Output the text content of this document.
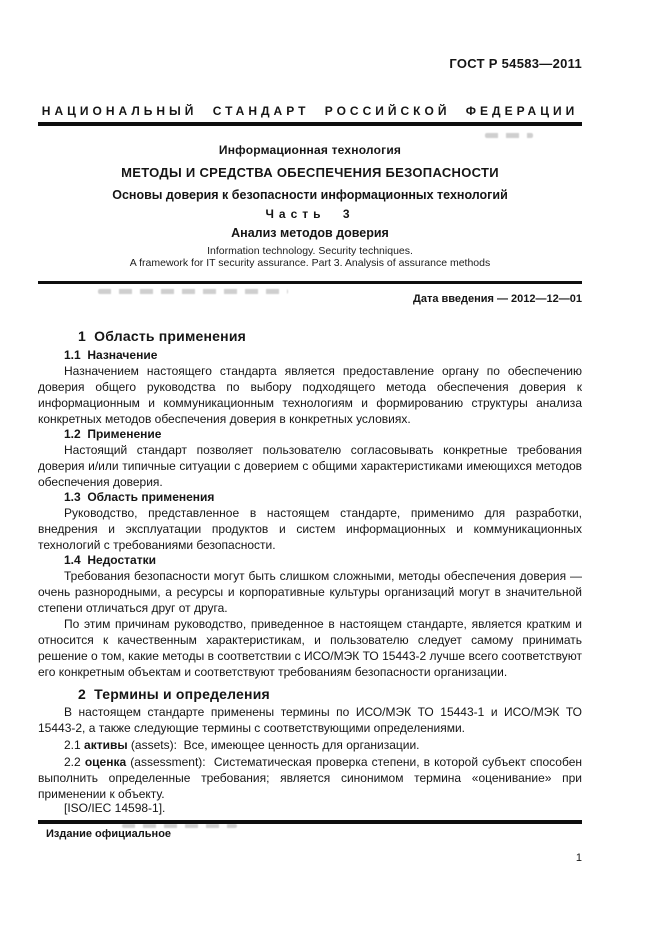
ГОСТ Р 54583—2011
НАЦИОНАЛЬНЫЙ СТАНДАРТ РОССИЙСКОЙ ФЕДЕРАЦИИ
Информационная технология
МЕТОДЫ И СРЕДСТВА ОБЕСПЕЧЕНИЯ БЕЗОПАСНОСТИ
Основы доверия к безопасности информационных технологий
Часть 3
Анализ методов доверия
Information technology. Security techniques.
A framework for IT security assurance. Part 3. Analysis of assurance methods
Дата введения — 2012—12—01
1  Область применения
1.1  Назначение

Назначением настоящего стандарта является предоставление органу по обеспечению доверия общего руководства по выбору подходящего метода обеспечения доверия к информационным и коммуникационным технологиям и формированию структуры анализа конкретных методов обеспечения доверия в конкретных условиях.

1.2  Применение

Настоящий стандарт позволяет пользователю согласовывать конкретные требования доверия и/или типичные ситуации с доверием с общими характеристиками имеющихся методов обеспечения доверия.

1.3  Область применения

Руководство, представленное в настоящем стандарте, применимо для разработки, внедрения и эксплуатации продуктов и систем информационных и коммуникационных технологий с требованиями безопасности.

1.4  Недостатки

Требования безопасности могут быть слишком сложными, методы обеспечения доверия — очень разнородными, а ресурсы и корпоративные культуры организаций могут в значительной степени отличаться друг от друга.

По этим причинам руководство, приведенное в настоящем стандарте, является кратким и относится к качественным характеристикам, и пользователю следует самому принимать решение о том, какие методы в соответствии с ИСО/МЭК ТО 15443-2 лучше всего соответствуют его конкретным объектам и соответствуют требованиям безопасности организации.

2  Термины и определения

В настоящем стандарте применены термины по ИСО/МЭК ТО 15443-1 и ИСО/МЭК ТО 15443-2, а также следующие термины с соответствующими определениями.

2.1 активы (assets):  Все, имеющее ценность для организации.

2.2 оценка (assessment):  Систематическая проверка степени, в которой субъект способен выполнить определенные требования; является синонимом термина «оценивание» при применении к объекту.

[ISO/IEC 14598-1].

Издание официальное
1
